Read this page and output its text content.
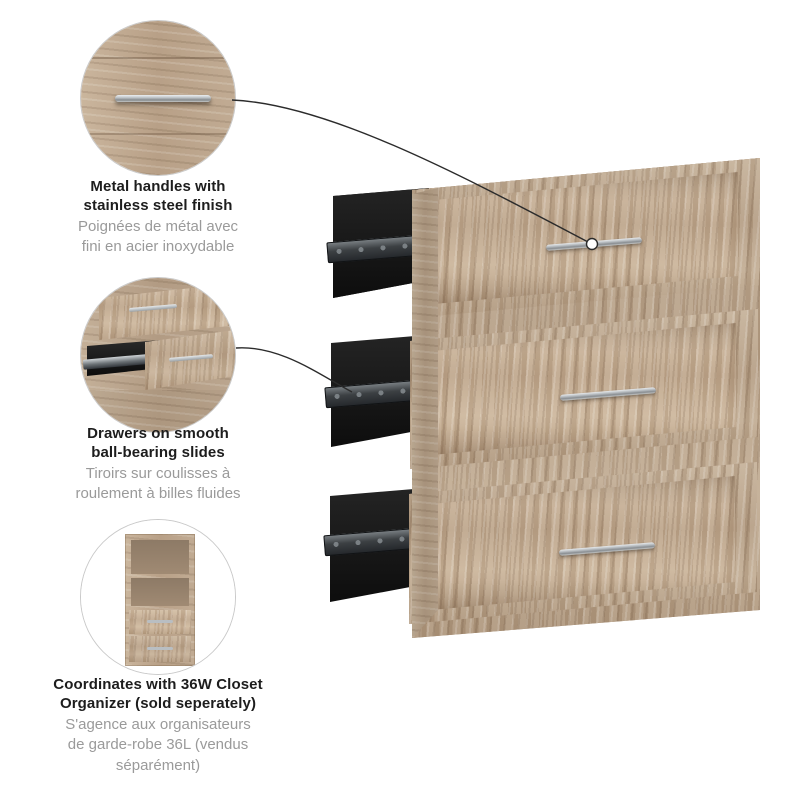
Metal handles with
stainless steel finish
Poignées de métal avec
fini en acier inoxydable
Drawers on smooth
ball-bearing slides
Tiroirs sur coulisses à
roulement à billes fluides
Coordinates with 36W Closet
Organizer (sold seperately)
S'agence aux organisateurs
de garde-robe 36L (vendus
séparément)
